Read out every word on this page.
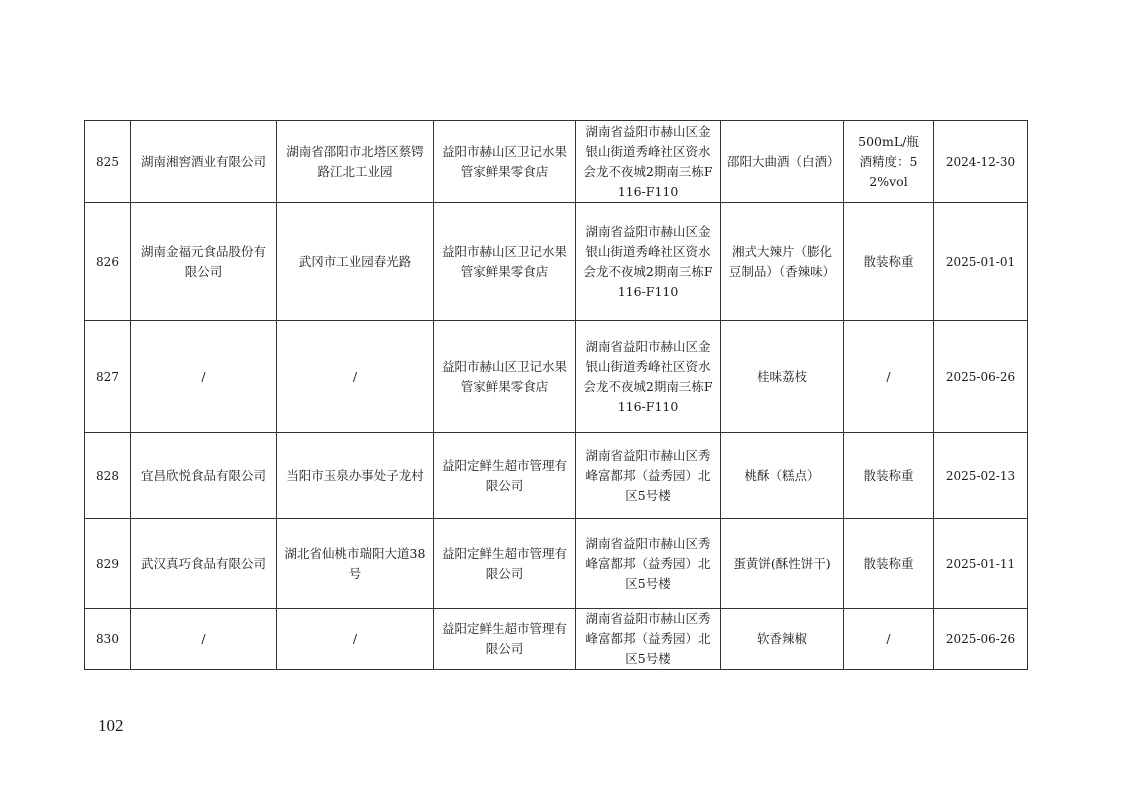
825	湖南湘窖酒业有限公司	湖南省邵阳市北塔区蔡锷路江北工业园	益阳市赫山区卫记水果管家鲜果零食店	湖南省益阳市赫山区金银山街道秀峰社区资水会龙不夜城2期南三栋F116-F110	邵阳大曲酒（白酒）	500mL/瓶 酒精度：52%vol	2024-12-30
826	湖南金福元食品股份有限公司	武冈市工业园春光路	益阳市赫山区卫记水果管家鲜果零食店	湖南省益阳市赫山区金银山街道秀峰社区资水会龙不夜城2期南三栋F116-F110	湘式大辣片（膨化豆制品）（香辣味）	散装称重	2025-01-01
827	/	/	益阳市赫山区卫记水果管家鲜果零食店	湖南省益阳市赫山区金银山街道秀峰社区资水会龙不夜城2期南三栋F116-F110	桂味荔枝	/	2025-06-26
828	宜昌欣悦食品有限公司	当阳市玉泉办事处子龙村	益阳定鲜生超市管理有限公司	湖南省益阳市赫山区秀峰富都邦（益秀园）北区5号楼	桃酥（糕点）	散装称重	2025-02-13
829	武汉真巧食品有限公司	湖北省仙桃市瑞阳大道38号	益阳定鲜生超市管理有限公司	湖南省益阳市赫山区秀峰富都邦（益秀园）北区5号楼	蛋黄饼(酥性饼干)	散装称重	2025-01-11
830	/	/	益阳定鲜生超市管理有限公司	湖南省益阳市赫山区秀峰富都邦（益秀园）北区5号楼	软香辣椒	/	2025-06-26
102
